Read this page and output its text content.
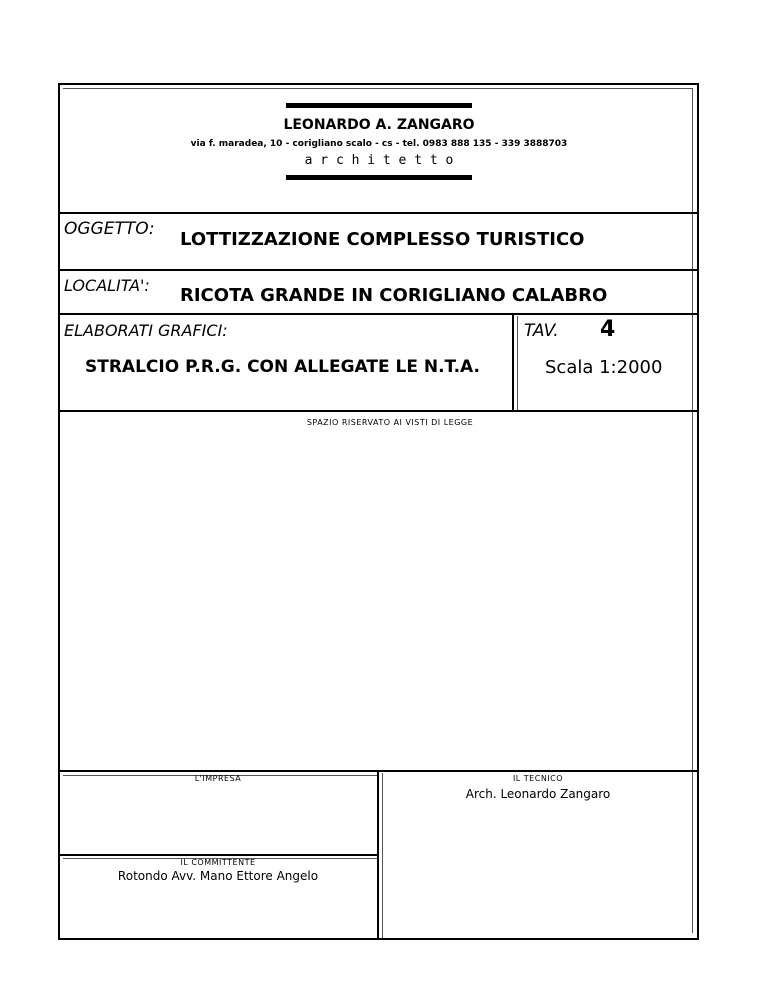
LEONARDO A. ZANGARO
via f. maradea, 10 - corigliano scalo - cs - tel. 0983 888 135 - 339 3888703
a r c h i t e t t o
OGGETTO: LOTTIZZAZIONE COMPLESSO TURISTICO
LOCALITA': RICOTA GRANDE IN CORIGLIANO CALABRO
ELABORATI GRAFICI:
STRALCIO P.R.G. CON ALLEGATE LE N.T.A.
TAV. 4
Scala 1:2000
SPAZIO RISERVATO AI VISTI DI LEGGE
L'IMPRESA	IL TECNICO
Arch. Leonardo Zangaro
IL COMMITTENTE
Rotondo Avv. Mano Ettore Angelo
